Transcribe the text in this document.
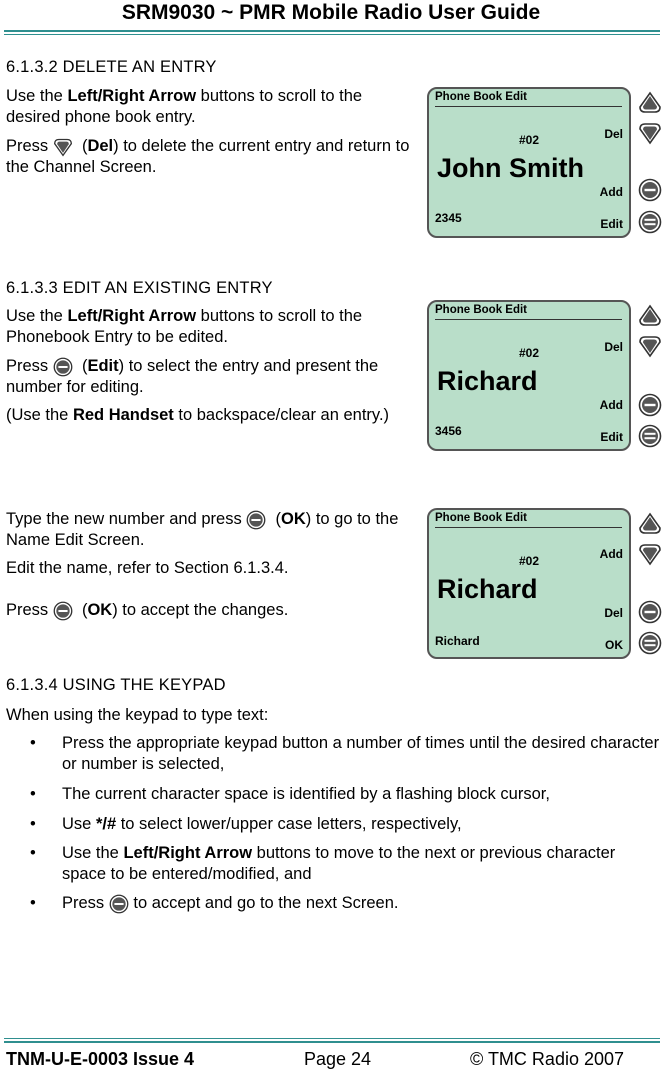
SRM9030 ~ PMR Mobile Radio User Guide
6.1.3.2 DELETE AN ENTRY
Use the Left/Right Arrow buttons to scroll to the desired phone book entry.
Press   (Del) to delete the current entry and return to the Channel Screen.
Phone Book Edit
#02
John Smith
2345
Del
Add
Edit
6.1.3.3 EDIT AN EXISTING ENTRY
Use the Left/Right Arrow buttons to scroll to the Phonebook Entry to be edited.
Press   (Edit) to select the entry and present the number for editing.
(Use the Red Handset to backspace/clear an entry.)
Phone Book Edit
#02
Richard
3456
Del
Add
Edit
Type the new number and press   (OK) to go to the Name Edit Screen.
Edit the name, refer to Section 6.1.3.4.
Press   (OK) to accept the changes.
Phone Book Edit
#02
Richard
Richard
Add
Del
OK
6.1.3.4 USING THE KEYPAD
When using the keypad to type text:
• Press the appropriate keypad button a number of times until the desired character or number is selected,
• The current character space is identified by a flashing block cursor,
• Use */# to select lower/upper case letters, respectively,
• Use the Left/Right Arrow buttons to move to the next or previous character space to be entered/modified, and
• Press  to accept and go to the next Screen.
TNM-U-E-0003 Issue 4	Page 24	© TMC Radio 2007
